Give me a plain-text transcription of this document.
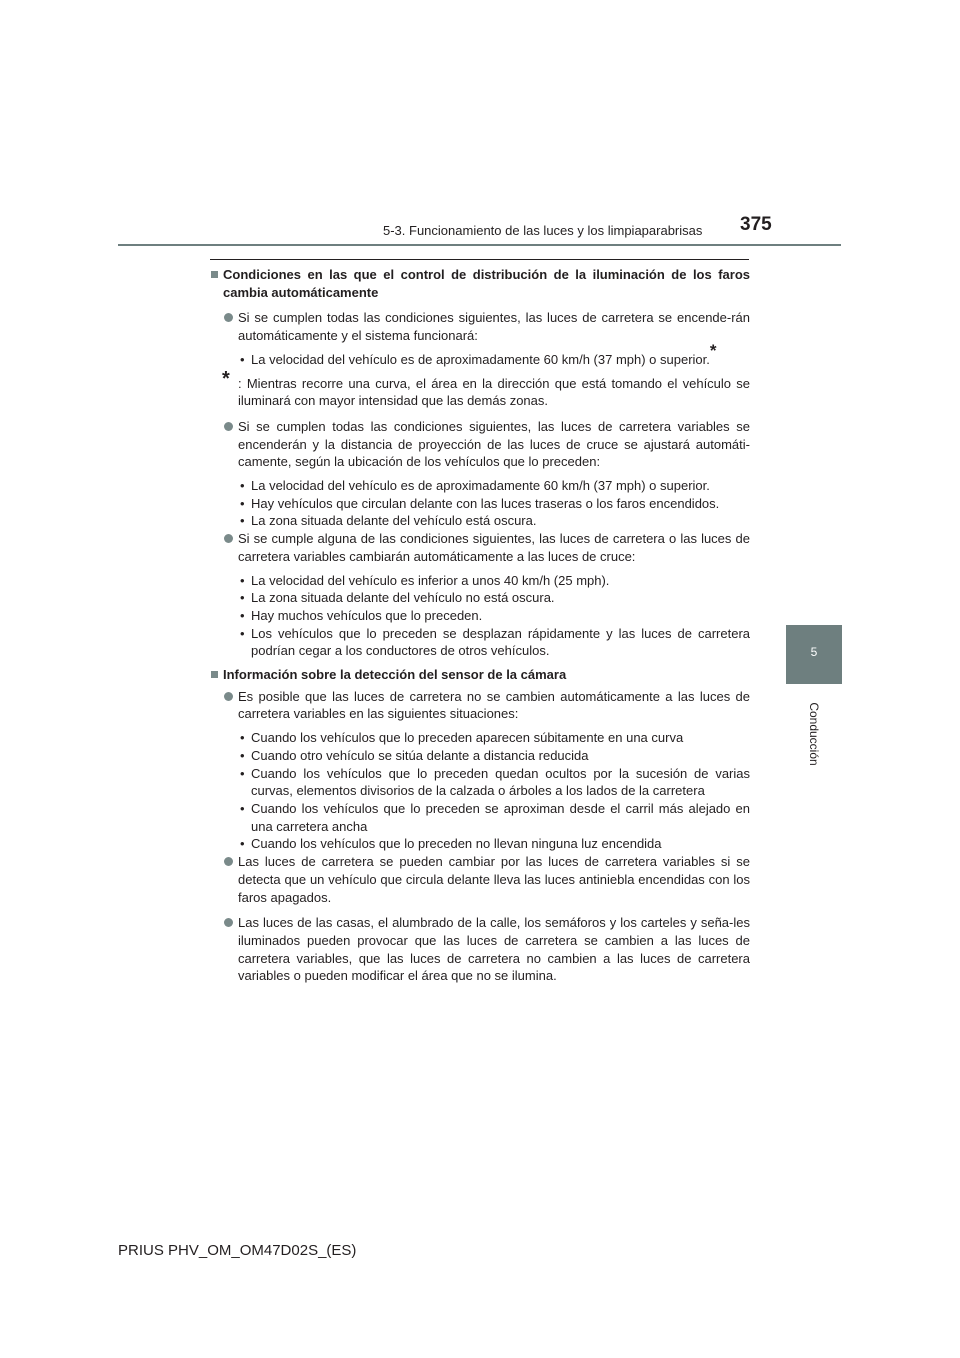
5-3. Funcionamiento de las luces y los limpiaparabrisas 375
5
Conducción
Condiciones en las que el control de distribución de la iluminación de los faros cambia automáticamente
Si se cumplen todas las condiciones siguientes, las luces de carretera se encende-rán automáticamente y el sistema funcionará:
• La velocidad del vehículo es de aproximadamente 60 km/h (37 mph) o superior.*
* : Mientras recorre una curva, el área en la dirección que está tomando el vehículo se iluminará con mayor intensidad que las demás zonas.
Si se cumplen todas las condiciones siguientes, las luces de carretera variables se encenderán y la distancia de proyección de las luces de cruce se ajustará automáti-camente, según la ubicación de los vehículos que lo preceden:
• La velocidad del vehículo es de aproximadamente 60 km/h (37 mph) o superior.
• Hay vehículos que circulan delante con las luces traseras o los faros encendidos.
• La zona situada delante del vehículo está oscura.
Si se cumple alguna de las condiciones siguientes, las luces de carretera o las luces de carretera variables cambiarán automáticamente a las luces de cruce:
• La velocidad del vehículo es inferior a unos 40 km/h (25 mph).
• La zona situada delante del vehículo no está oscura.
• Hay muchos vehículos que lo preceden.
• Los vehículos que lo preceden se desplazan rápidamente y las luces de carretera podrían cegar a los conductores de otros vehículos.
Información sobre la detección del sensor de la cámara
Es posible que las luces de carretera no se cambien automáticamente a las luces de carretera variables en las siguientes situaciones:
• Cuando los vehículos que lo preceden aparecen súbitamente en una curva
• Cuando otro vehículo se sitúa delante a distancia reducida
• Cuando los vehículos que lo preceden quedan ocultos por la sucesión de varias curvas, elementos divisorios de la calzada o árboles a los lados de la carretera
• Cuando los vehículos que lo preceden se aproximan desde el carril más alejado en una carretera ancha
• Cuando los vehículos que lo preceden no llevan ninguna luz encendida
Las luces de carretera se pueden cambiar por las luces de carretera variables si se detecta que un vehículo que circula delante lleva las luces antiniebla encendidas con los faros apagados.
Las luces de las casas, el alumbrado de la calle, los semáforos y los carteles y seña-les iluminados pueden provocar que las luces de carretera se cambien a las luces de carretera variables, que las luces de carretera no cambien a las luces de carretera variables o pueden modificar el área que no se ilumina.
PRIUS PHV_OM_OM47D02S_(ES)
